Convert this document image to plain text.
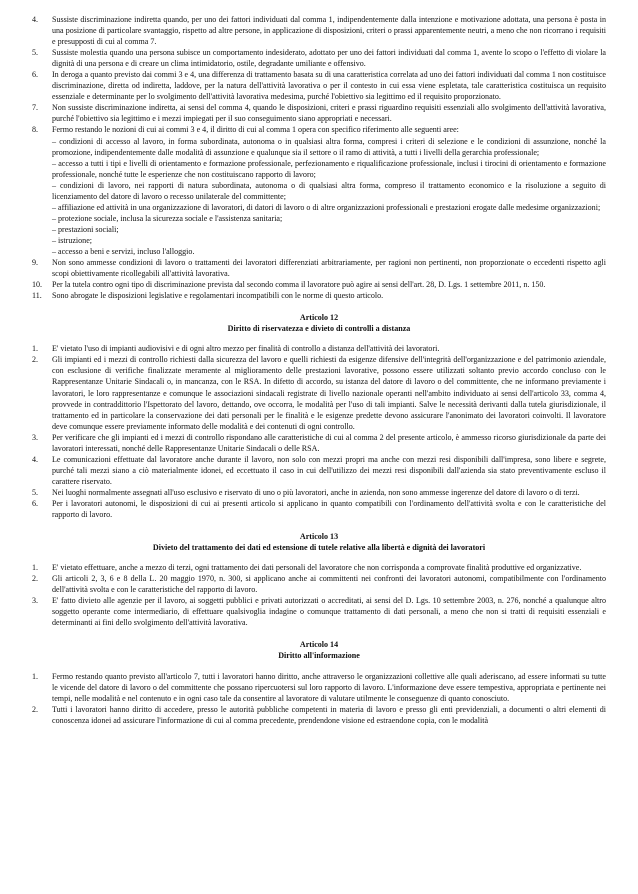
4.	Sussiste discriminazione indiretta quando, per uno dei fattori individuati dal comma 1, indipendentemente dalla intenzione e motivazione adottata, una persona è posta in una posizione di particolare svantaggio, rispetto ad altre persone, in applicazione di disposizioni, criteri o prassi apparentemente neutri, a meno che non ricorrano i requisiti e presupposti di cui al comma 7.
5.	Sussiste molestia quando una persona subisce un comportamento indesiderato, adottato per uno dei fattori individuati dal comma 1, avente lo scopo o l'effetto di violare la dignità di una persona e di creare un clima intimidatorio, ostile, degradante umiliante e offensivo.
6.	In deroga a quanto previsto dai commi 3 e 4, una differenza di trattamento basata su di una caratteristica correlata ad uno dei fattori individuati dal comma 1 non costituisce discriminazione, diretta od indiretta, laddove, per la natura dell'attività lavorativa o per il contesto in cui essa viene espletata, tale caratteristica costituisca un requisito essenziale e determinante per lo svolgimento dell'attività lavorativa medesima, purché l'obiettivo sia legittimo ed il requisito proporzionato.
7.	Non sussiste discriminazione indiretta, ai sensi del comma 4, quando le disposizioni, criteri e prassi riguardino requisiti essenziali allo svolgimento dell'attività lavorativa, purché l'obiettivo sia legittimo e i mezzi impiegati per il suo conseguimento siano appropriati e necessari.
8.	Fermo restando le nozioni di cui ai commi 3 e 4, il diritto di cui al comma 1 opera con specifico riferimento alle seguenti aree:
– condizioni di accesso al lavoro, in forma subordinata, autonoma o in qualsiasi altra forma, compresi i criteri di selezione e le condizioni di assunzione, nonché la promozione, indipendentemente dalle modalità di assunzione e qualunque sia il settore o il ramo di attività, a tutti i livelli della gerarchia professionale;
– accesso a tutti i tipi e livelli di orientamento e formazione professionale, perfezionamento e riqualificazione professionale, inclusi i tirocini di orientamento e formazione professionale, nonché tutte le esperienze che non costituiscano rapporto di lavoro;
– condizioni di lavoro, nei rapporti di natura subordinata, autonoma o di qualsiasi altra forma, compreso il trattamento economico e la risoluzione a seguito di licenziamento del datore di lavoro o recesso unilaterale del committente;
– affiliazione ed attività in una organizzazione di lavoratori, di datori di lavoro o di altre organizzazioni professionali e prestazioni erogate dalle medesime organizzazioni;
– protezione sociale, inclusa la sicurezza sociale e l'assistenza sanitaria;
– prestazioni sociali;
– istruzione;
– accesso a beni e servizi, incluso l'alloggio.
9.	Non sono ammesse condizioni di lavoro o trattamenti dei lavoratori differenziati arbitrariamente, per ragioni non pertinenti, non proporzionate o eccedenti rispetto agli scopi obiettivamente ricollegabili all'attività lavorativa.
10.	Per la tutela contro ogni tipo di discriminazione prevista dal secondo comma il lavoratore può agire ai sensi dell'art. 28, D. Lgs. 1 settembre 2011, n. 150.
11.	Sono abrogate le disposizioni legislative e regolamentari incompatibili con le norme di questo articolo.
Articolo 12
Diritto di riservatezza e divieto di controlli a distanza
1.	E' vietato l'uso di impianti audiovisivi e di ogni altro mezzo per finalità di controllo a distanza dell'attività dei lavoratori.
2.	Gli impianti ed i mezzi di controllo richiesti dalla sicurezza del lavoro e quelli richiesti da esigenze difensive dell'integrità dell'organizzazione e del patrimonio aziendale, con esclusione di verifiche finalizzate meramente al miglioramento delle prestazioni lavorative, possono essere utilizzati soltanto previo accordo concluso con le Rappresentanze Unitarie Sindacali o, in mancanza, con le RSA. In difetto di accordo, su istanza del datore di lavoro o del committente, che ne informano previamente i lavoratori, le loro rappresentanze e comunque le associazioni sindacali registrate di livello nazionale operanti nell'ambito individuato ai sensi dell'articolo 33, comma 4, provvede in contraddittorio l'Ispettorato del lavoro, dettando, ove occorra, le modalità per l'uso di tali impianti. Salve le necessità derivanti dalla tutela giurisdizionale, il trattamento ed in particolare la conservazione dei dati personali per le finalità e le esigenze predette devono assicurare l'anonimato dei lavoratori coinvolti. Il lavoratore deve comunque essere previamente informato delle modalità e dei contenuti di ogni controllo.
3.	Per verificare che gli impianti ed i mezzi di controllo rispondano alle caratteristiche di cui al comma 2 del presente articolo, è ammesso ricorso giurisdizionale da parte dei lavoratori interessati, nonché delle Rappresentanze Unitarie Sindacali o delle RSA.
4.	Le comunicazioni effettuate dal lavoratore anche durante il lavoro, non solo con mezzi propri ma anche con mezzi resi disponibili dall'impresa, sono libere e segrete, purché tali mezzi siano a ciò materialmente idonei, ed eccettuato il caso in cui dell'utilizzo dei mezzi resi disponibili dall'azienda sia stato preventivamente escluso il carattere riservato.
5.	Nei luoghi normalmente assegnati all'uso esclusivo e riservato di uno o più lavoratori, anche in azienda, non sono ammesse ingerenze del datore di lavoro o di terzi.
6.	Per i lavoratori autonomi, le disposizioni di cui ai presenti articolo si applicano in quanto compatibili con l'ordinamento dell'attività svolta e con le caratteristiche del rapporto di lavoro.
Articolo 13
Divieto del trattamento dei dati ed estensione di tutele relative alla libertà e dignità dei lavoratori
1.	E' vietato effettuare, anche a mezzo di terzi, ogni trattamento dei dati personali del lavoratore che non corrisponda a comprovate finalità produttive ed organizzative.
2.	Gli articoli 2, 3, 6 e 8 della L. 20 maggio 1970, n. 300, si applicano anche ai committenti nei confronti dei lavoratori autonomi, compatibilmente con l'ordinamento dell'attività svolta e con le caratteristiche del rapporto di lavoro.
3.	E' fatto divieto alle agenzie per il lavoro, ai soggetti pubblici e privati autorizzati o accreditati, ai sensi del D. Lgs. 10 settembre 2003, n. 276, nonché a qualunque altro soggetto operante come intermediario, di effettuare qualsivoglia indagine o comunque trattamento di dati personali, a meno che non si tratti di requisiti essenziali e determinanti ai fini dello svolgimento dell'attività lavorativa.
Articolo 14
Diritto all'informazione
1.	Fermo restando quanto previsto all'articolo 7, tutti i lavoratori hanno diritto, anche attraverso le organizzazioni collettive alle quali aderiscano, ad essere informati su tutte le vicende del datore di lavoro o del committente che possano ripercuotersi sul loro rapporto di lavoro. L'informazione deve essere tempestiva, appropriata e pertinente nei tempi, nelle modalità e nel contenuto e in ogni caso tale da consentire al lavoratore di valutare utilmente le conseguenze di quanto conosciuto.
2.	Tutti i lavoratori hanno diritto di accedere, presso le autorità pubbliche competenti in materia di lavoro e presso gli enti previdenziali, a documenti o altri elementi di conoscenza idonei ad assicurare l'informazione di cui al comma precedente, prendendone visione ed estraendone copia, con le modalità
